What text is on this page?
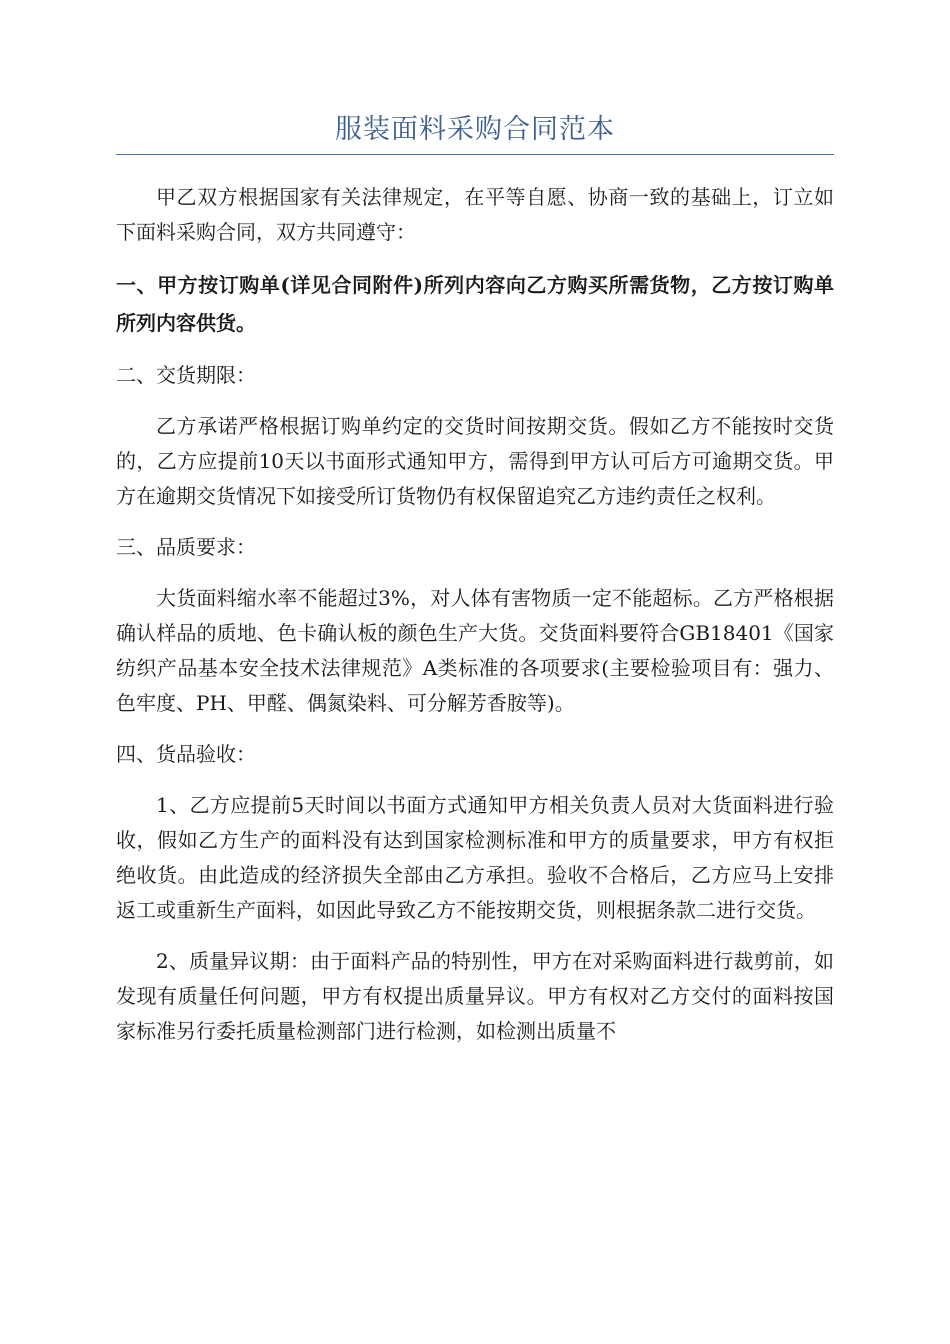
服装面料采购合同范本

甲乙双方根据国家有关法律规定，在平等自愿、协商一致的基础上，订立如下面料采购合同，双方共同遵守：

一、甲方按订购单(详见合同附件)所列内容向乙方购买所需货物，乙方按订购单所列内容供货。

二、交货期限：

乙方承诺严格根据订购单约定的交货时间按期交货。假如乙方不能按时交货的，乙方应提前10天以书面形式通知甲方，需得到甲方认可后方可逾期交货。甲方在逾期交货情况下如接受所订货物仍有权保留追究乙方违约责任之权利。

三、品质要求：

大货面料缩水率不能超过3%，对人体有害物质一定不能超标。乙方严格根据确认样品的质地、色卡确认板的颜色生产大货。交货面料要符合GB18401《国家纺织产品基本安全技术法律规范》A类标准的各项要求(主要检验项目有：强力、色牢度、PH、甲醛、偶氮染料、可分解芳香胺等)。

四、货品验收：

1、乙方应提前5天时间以书面方式通知甲方相关负责人员对大货面料进行验收，假如乙方生产的面料没有达到国家检测标准和甲方的质量要求，甲方有权拒绝收货。由此造成的经济损失全部由乙方承担。验收不合格后，乙方应马上安排返工或重新生产面料，如因此导致乙方不能按期交货，则根据条款二进行交货。

2、质量异议期：由于面料产品的特别性，甲方在对采购面料进行裁剪前，如发现有质量任何问题，甲方有权提出质量异议。甲方有权对乙方交付的面料按国家标准另行委托质量检测部门进行检测，如检测出质量不
